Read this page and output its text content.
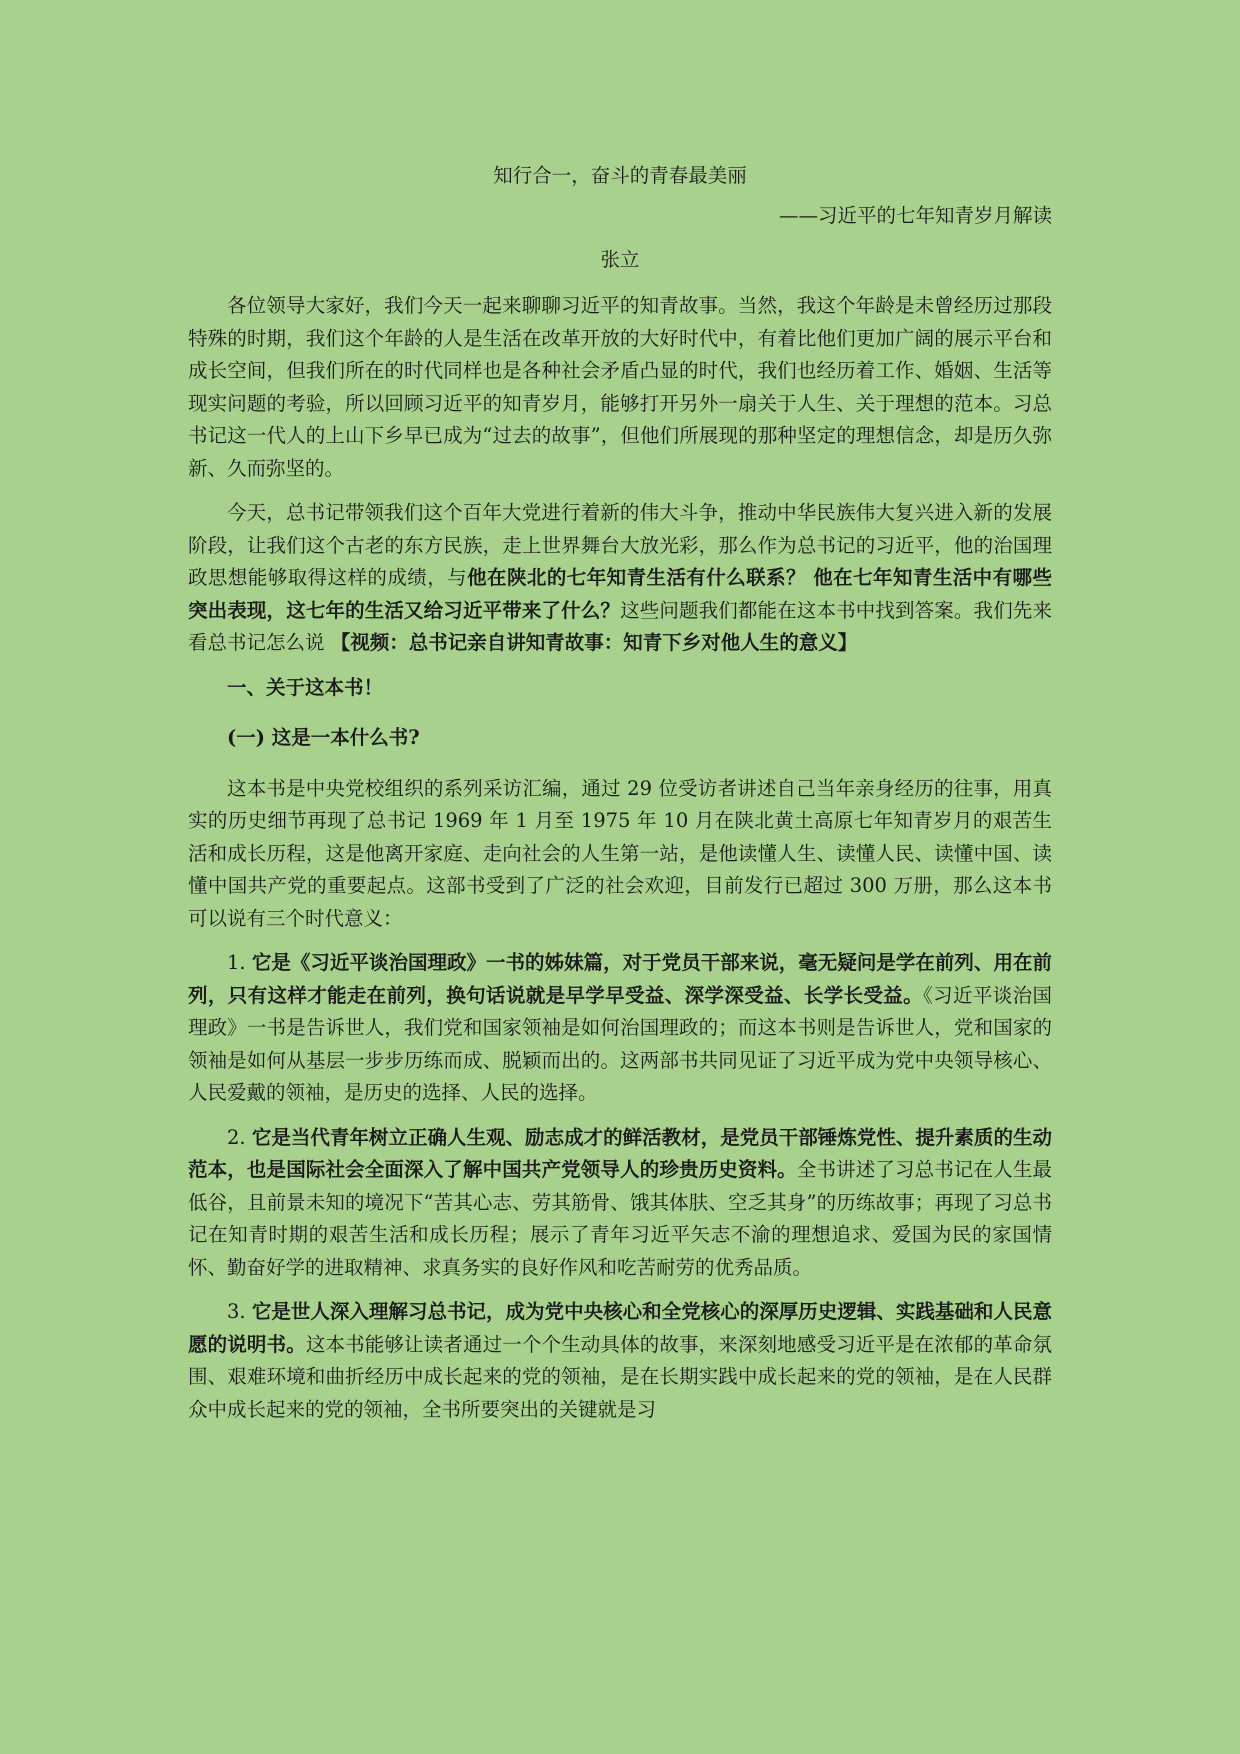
知行合一，奋斗的青春最美丽
——习近平的七年知青岁月解读
张立

各位领导大家好，我们今天一起来聊聊习近平的知青故事。当然，我这个年龄是未曾经历过那段特殊的时期，我们这个年龄的人是生活在改革开放的大好时代中，有着比他们更加广阔的展示平台和成长空间，但我们所在的时代同样也是各种社会矛盾凸显的时代，我们也经历着工作、婚姻、生活等现实问题的考验，所以回顾习近平的知青岁月，能够打开另外一扇关于人生、关于理想的范本。习总书记这一代人的上山下乡早已成为“过去的故事”，但他们所展现的那种坚定的理想信念，却是历久弥新、久而弥坚的。

今天，总书记带领我们这个百年大党进行着新的伟大斗争，推动中华民族伟大复兴进入新的发展阶段，让我们这个古老的东方民族，走上世界舞台大放光彩，那么作为总书记的习近平，他的治国理政思想能够取得这样的成绩，与他在陕北的七年知青生活有什么联系？ 他在七年知青生活中有哪些突出表现，这七年的生活又给习近平带来了什么？这些问题我们都能在这本书中找到答案。我们先来看总书记怎么说 【视频：总书记亲自讲知青故事：知青下乡对他人生的意义】

一、关于这本书！

(一) 这是一本什么书?

这本书是中央党校组织的系列采访汇编，通过 29 位受访者讲述自己当年亲身经历的往事，用真实的历史细节再现了总书记 1969 年 1 月至 1975 年 10 月在陕北黄土高原七年知青岁月的艰苦生活和成长历程，这是他离开家庭、走向社会的人生第一站，是他读懂人生、读懂人民、读懂中国、读懂中国共产党的重要起点。这部书受到了广泛的社会欢迎，目前发行已超过 300 万册，那么这本书可以说有三个时代意义：

1. 它是《习近平谈治国理政》一书的姊妹篇，对于党员干部来说，毫无疑问是学在前列、用在前列，只有这样才能走在前列，换句话说就是早学早受益、深学深受益、长学长受益。《习近平谈治国理政》一书是告诉世人，我们党和国家领袖是如何治国理政的；而这本书则是告诉世人，党和国家的领袖是如何从基层一步步历练而成、脱颖而出的。这两部书共同见证了习近平成为党中央领导核心、人民爱戴的领袖，是历史的选择、人民的选择。

2. 它是当代青年树立正确人生观、励志成才的鲜活教材，是党员干部锤炼党性、提升素质的生动范本，也是国际社会全面深入了解中国共产党领导人的珍贵历史资料。全书讲述了习总书记在人生最低谷，且前景未知的境况下“苦其心志、劳其筋骨、饿其体肤、空乏其身”的历练故事；再现了习总书记在知青时期的艰苦生活和成长历程；展示了青年习近平矢志不渝的理想追求、爱国为民的家国情怀、勤奋好学的进取精神、求真务实的良好作风和吃苦耐劳的优秀品质。

3. 它是世人深入理解习总书记，成为党中央核心和全党核心的深厚历史逻辑、实践基础和人民意愿的说明书。这本书能够让读者通过一个个生动具体的故事，来深刻地感受习近平是在浓郁的革命氛围、艰难环境和曲折经历中成长起来的党的领袖，是在长期实践中成长起来的党的领袖，是在人民群众中成长起来的党的领袖，全书所要突出的关键就是习
